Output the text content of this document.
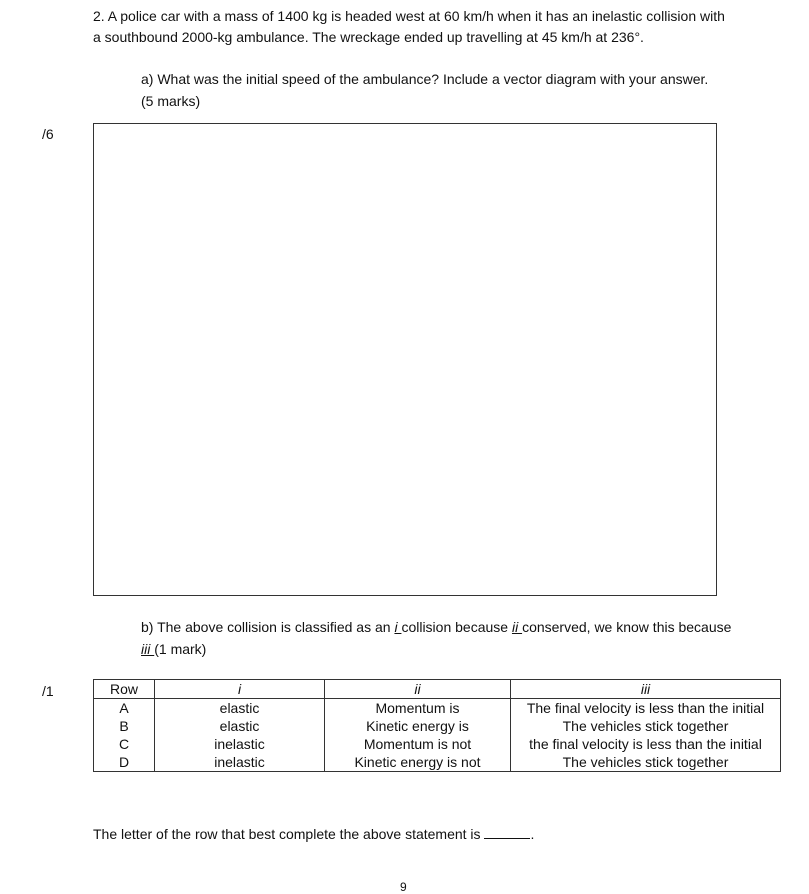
2. A police car with a mass of 1400 kg is headed west at 60 km/h when it has an inelastic collision with a southbound 2000-kg ambulance. The wreckage ended up travelling at 45 km/h at 236°.
a) What was the initial speed of the ambulance? Include a vector diagram with your answer. (5 marks)
/6
b) The above collision is classified as an i collision because ii conserved, we know this because iii (1 mark)
/1	Row	i	ii	iii
A	elastic	Momentum is	The final velocity is less than the initial
B	elastic	Kinetic energy is	The vehicles stick together
C	inelastic	Momentum is not	the final velocity is less than the initial
D	inelastic	Kinetic energy is not	The vehicles stick together
The letter of the row that best complete the above statement is	.
9
